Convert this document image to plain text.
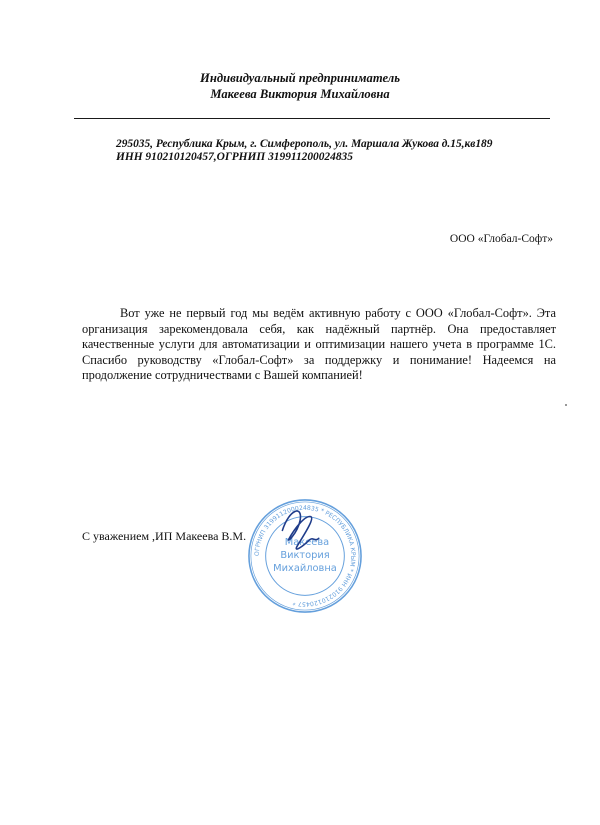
Индивидуальный предприниматель
Макеева Виктория Михайловна
295035, Республика Крым, г. Симферополь, ул. Маршала Жукова д.15,кв189
ИНН 910210120457,ОГРНИП 319911200024835
ООО «Глобал-Софт»

Вот уже не первый год мы ведём активную работу с ООО «Глобал-Софт». Эта организация зарекомендовала себя, как надёжный партнёр. Она предоставляет качественные услуги для автоматизации и оптимизации нашего учета в программе 1С. Спасибо руководству «Глобал-Софт» за поддержку и понимание! Надеемся на продолжение сотрудничествами с Вашей компанией!

С уважением ,ИП Макеева В.М.
ОГРНИП 319911200024835 * РЕСПУБЛИКА КРЫМ * ИНН 910210120457 *
Макеева
Виктория
Михайловна
